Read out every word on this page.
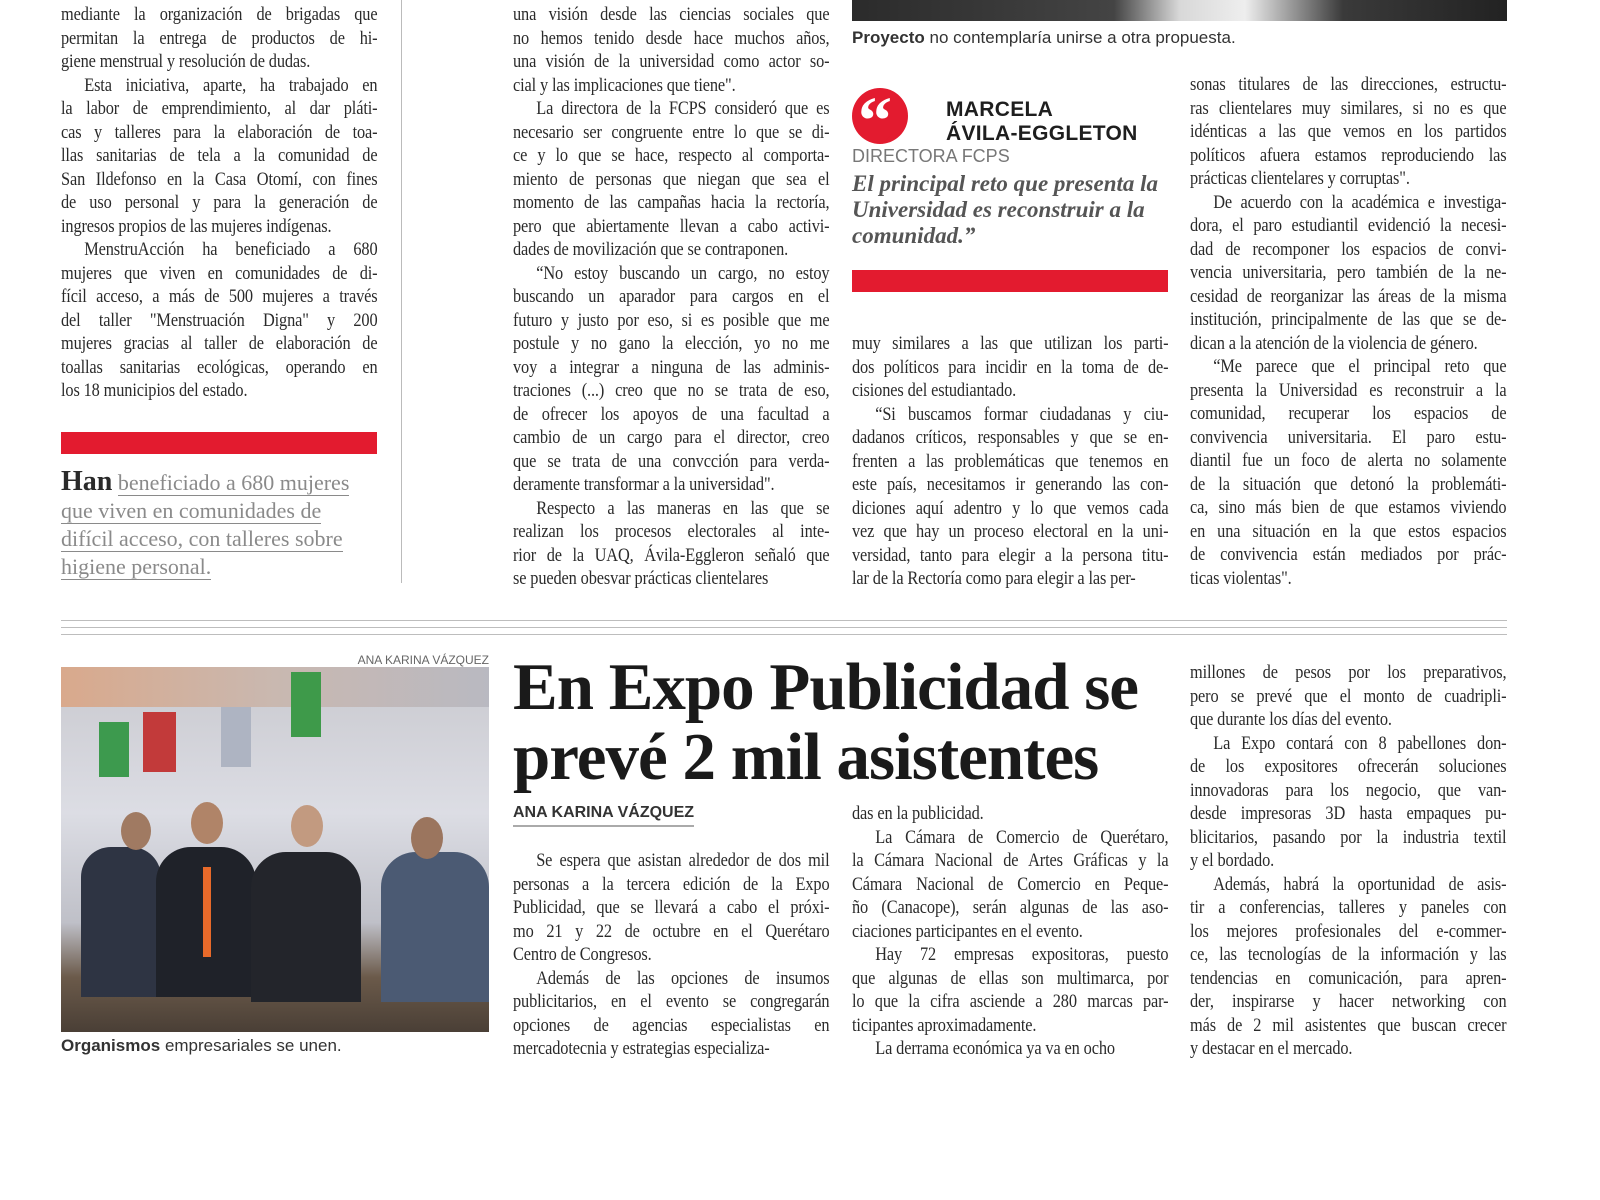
mediante la organización de brigadas que
permitan la entrega de productos de hi-
giene menstrual y resolución de dudas.
Esta iniciativa, aparte, ha trabajado en
la labor de emprendimiento, al dar pláti-
cas y talleres para la elaboración de toa-
llas sanitarias de tela a la comunidad de
San Ildefonso en la Casa Otomí, con fines
de uso personal y para la generación de
ingresos propios de las mujeres indígenas.
MenstruAcción ha beneficiado a 680
mujeres que viven en comunidades de di-
fícil acceso, a más de 500 mujeres a través
del taller "Menstruación Digna" y 200
mujeres gracias al taller de elaboración de
toallas sanitarias ecológicas, operando en
los 18 municipios del estado.
Han beneficiado a 680 mujeres que viven en comunidades de difícil acceso, con talleres sobre higiene personal.
una visión desde las ciencias sociales que
no hemos tenido desde hace muchos años,
una visión de la universidad como actor so-
cial y las implicaciones que tiene".
La directora de la FCPS consideró que es
necesario ser congruente entre lo que se di-
ce y lo que se hace, respecto al comporta-
miento de personas que niegan que sea el
momento de las campañas hacia la rectoría,
pero que abiertamente llevan a cabo activi-
dades de movilización que se contraponen.
“No estoy buscando un cargo, no estoy
buscando un aparador para cargos en el
futuro y justo por eso, si es posible que me
postule y no gano la elección, yo no me
voy a integrar a ninguna de las adminis-
traciones (...) creo que no se trata de eso,
de ofrecer los apoyos de una facultad a
cambio de un cargo para el director, creo
que se trata de una convcción para verda-
deramente transformar a la universidad".
Respecto a las maneras en las que se
realizan los procesos electorales al inte-
rior de la UAQ, Ávila-Eggleron señaló que
se pueden obesvar prácticas clientelares
Proyecto no contemplaría unirse a otra propuesta.
“	MARCELA
ÁVILA-EGGLETON
DIRECTORA FCPS
El principal reto que presenta la Universidad es reconstruir a la comunidad.”
muy similares a las que utilizan los parti-
dos políticos para incidir en la toma de de-
cisiones del estudiantado.
“Si buscamos formar ciudadanas y ciu-
dadanos críticos, responsables y que se en-
frenten a las problemáticas que tenemos en
este país, necesitamos ir generando las con-
diciones aquí adentro y lo que vemos cada
vez que hay un proceso electoral en la uni-
versidad, tanto para elegir a la persona titu-
lar de la Rectoría como para elegir a las per-
sonas titulares de las direcciones, estructu-
ras clientelares muy similares, si no es que
idénticas a las que vemos en los partidos
políticos afuera estamos reproduciendo las
prácticas clientelares y corruptas".
De acuerdo con la académica e investiga-
dora, el paro estudiantil evidenció la necesi-
dad de recomponer los espacios de convi-
vencia universitaria, pero también de la ne-
cesidad de reorganizar las áreas de la misma
institución, principalmente de las que se de-
dican a la atención de la violencia de género.
“Me parece que el principal reto que
presenta la Universidad es reconstruir a la
comunidad, recuperar los espacios de
convivencia universitaria. El paro estu-
diantil fue un foco de alerta no solamente
de la situación que detonó la problemáti-
ca, sino más bien de que estamos viviendo
en una situación en la que estos espacios
de convivencia están mediados por prác-
ticas violentas".
ANA KARINA VÁZQUEZ
Organismos empresariales se unen.
En Expo Publicidad se
prevé 2 mil asistentes
ANA KARINA VÁZQUEZ
Se espera que asistan alrededor de dos mil
personas a la tercera edición de la Expo
Publicidad, que se llevará a cabo el próxi-
mo 21 y 22 de octubre en el Querétaro
Centro de Congresos.
Además de las opciones de insumos
publicitarios, en el evento se congregarán
opciones de agencias especialistas en
mercadotecnia y estrategias especializa-
das en la publicidad.
La Cámara de Comercio de Querétaro,
la Cámara Nacional de Artes Gráficas y la
Cámara Nacional de Comercio en Peque-
ño (Canacope), serán algunas de las aso-
ciaciones participantes en el evento.
Hay 72 empresas expositoras, puesto
que algunas de ellas son multimarca, por
lo que la cifra asciende a 280 marcas par-
ticipantes aproximadamente.
La derrama económica ya va en ocho
millones de pesos por los preparativos,
pero se prevé que el monto de cuadripli-
que durante los días del evento.
La Expo contará con 8 pabellones don-
de los expositores ofrecerán soluciones
innovadoras para los negocio, que van-
desde impresoras 3D hasta empaques pu-
blicitarios, pasando por la industria textil
y el bordado.
Además, habrá la oportunidad de asis-
tir a conferencias, talleres y paneles con
los mejores profesionales del e-commer-
ce, las tecnologías de la información y las
tendencias en comunicación, para apren-
der, inspirarse y hacer networking con
más de 2 mil asistentes que buscan crecer
y destacar en el mercado.
